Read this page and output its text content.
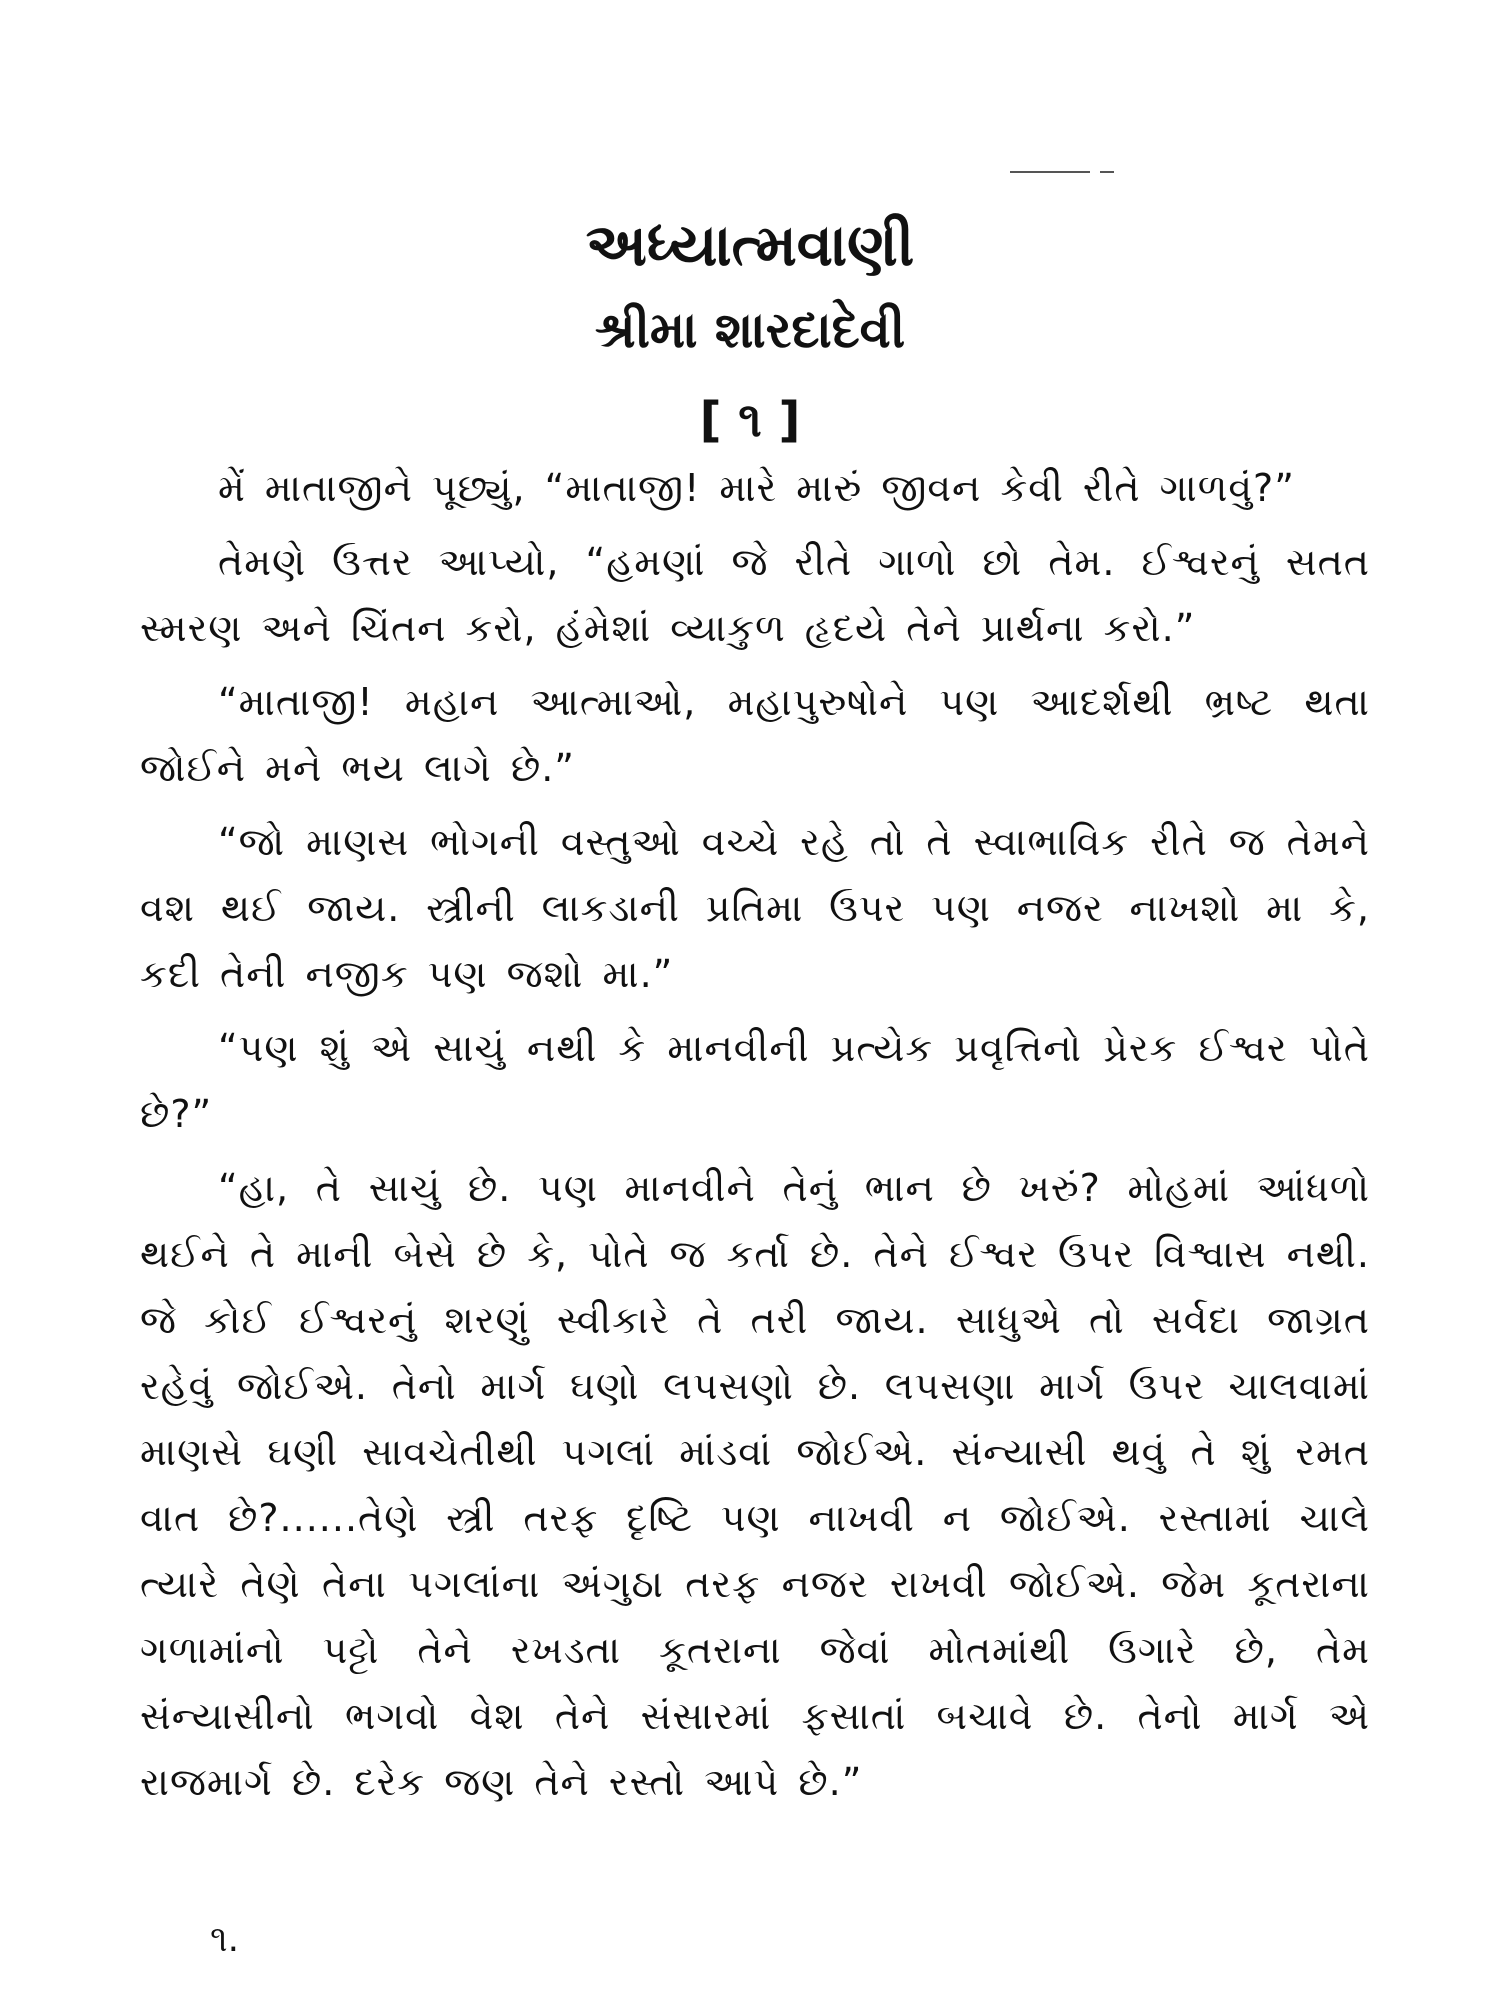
અધ્યાત્મવાણી
શ્રીમા શારદાદેવી
[ ૧ ]

મેં માતાજીને પૂછ્યું, “માતાજી! મારે મારું જીવન કેવી રીતે ગાળવું?”

તેમણે ઉત્તર આપ્યો, “હમણાં જે રીતે ગાળો છો તેમ. ઈશ્વરનું સતત સ્મરણ અને ચિંતન કરો, હંમેશાં વ્યાકુળ હૃદયે તેને પ્રાર્થના કરો.”

“માતાજી! મહાન આત્માઓ, મહાપુરુષોને પણ આદર્શથી ભ્રષ્ટ થતા જોઈને મને ભય લાગે છે.”

“જો માણસ ભોગની વસ્તુઓ વચ્ચે રહે તો તે સ્વાભાવિક રીતે જ તેમને વશ થઈ જાય. સ્ત્રીની લાકડાની પ્રતિમા ઉપર પણ નજર નાખશો મા કે, કદી તેની નજીક પણ જશો મા.”

“પણ શું એ સાચું નથી કે માનવીની પ્રત્યેક પ્રવૃત્તિનો પ્રેરક ઈશ્વર પોતે છે?”

“હા, તે સાચું છે. પણ માનવીને તેનું ભાન છે ખરું? મોહમાં આંધળો થઈને તે માની બેસે છે કે, પોતે જ કર્તા છે. તેને ઈશ્વર ઉપર વિશ્વાસ નથી. જે કોઈ ઈશ્વરનું શરણું સ્વીકારે તે તરી જાય. સાધુએ તો સર્વદા જાગ્રત રહેવું જોઈએ. તેનો માર્ગ ઘણો લપસણો છે. લપસણા માર્ગ ઉપર ચાલવામાં માણસે ઘણી સાવચેતીથી પગલાં માંડવાં જોઈએ. સંન્યાસી થવું તે શું રમત વાત છે?......તેણે સ્ત્રી તરફ દૃષ્ટિ પણ નાખવી ન જોઈએ. રસ્તામાં ચાલે ત્યારે તેણે તેના પગલાંના અંગુઠા તરફ નજર રાખવી જોઈએ. જેમ કૂતરાના ગળામાંનો પટ્ટો તેને રખડતા કૂતરાના જેવાં મોતમાંથી ઉગારે છે, તેમ સંન્યાસીનો ભગવો વેશ તેને સંસારમાં ફસાતાં બચાવે છે. તેનો માર્ગ એ રાજમાર્ગ છે. દરેક જણ તેને રસ્તો આપે છે.”

૧.
